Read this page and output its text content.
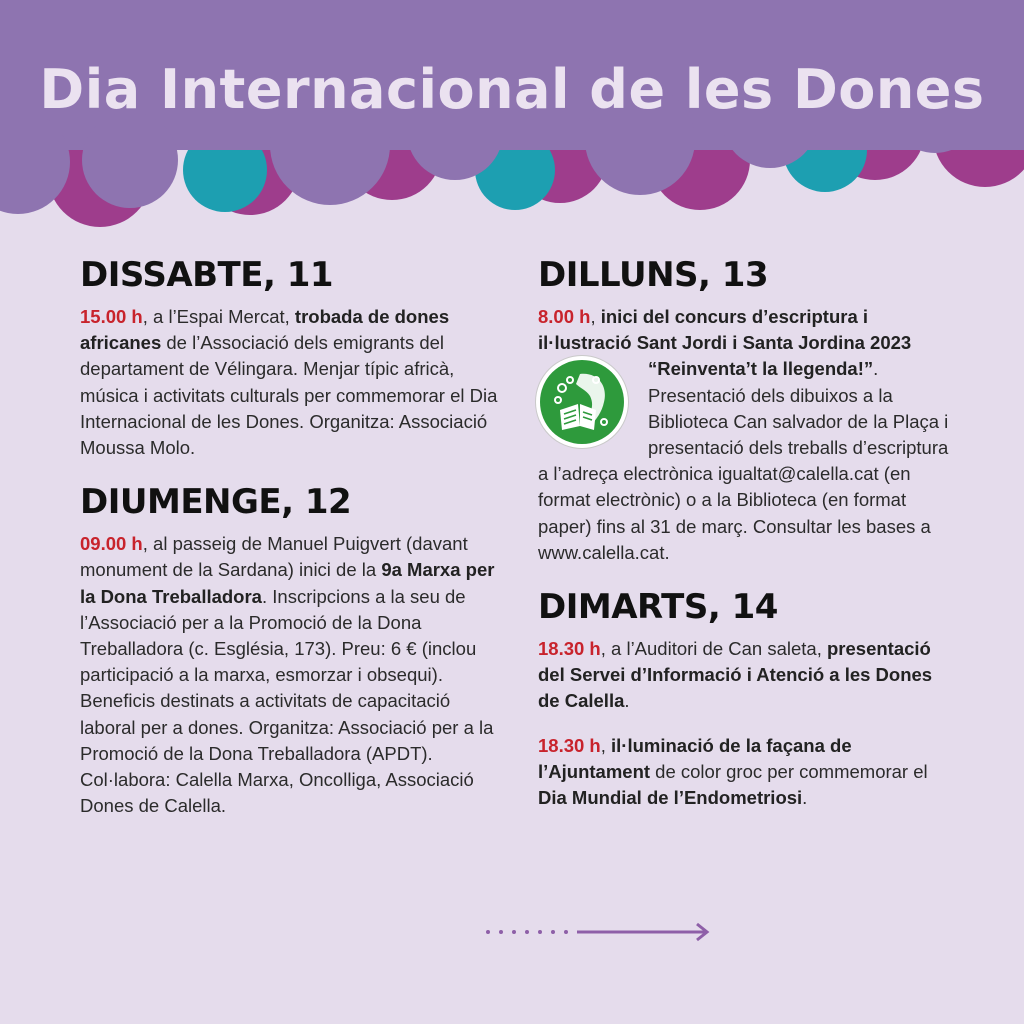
Dia Internacional de les Dones
DISSABTE, 11

15.00 h, a l’Espai Mercat, trobada de dones africanes de l’Associació dels emigrants del departament de Vélingara. Menjar típic africà, música i activitats culturals per commemorar el Dia Internacional de les Dones. Organitza: Associació Moussa Molo.

DIUMENGE, 12

09.00 h, al passeig de Manuel Puigvert (davant monument de la Sardana) inici de la 9a Marxa per la Dona Treballadora. Inscripcions a la seu de l’Associació per a la Promoció de la Dona Treballadora (c. Església, 173). Preu: 6 € (inclou participació a la marxa, esmorzar i obsequi). Beneficis destinats a activitats de capacitació laboral per a dones. Organitza: Associació per a la Promoció de la Dona Treballadora (APDT). Col·labora: Calella Marxa, Oncolliga, Associació Dones de Calella.

DILLUNS, 13

8.00 h, inici del concurs d’escriptura i il·lustració Sant Jordi i Santa Jordina 2023 “Reinventa’t la llegenda!”
. Presentació dels dibuixos a la Biblioteca Can salvador de la Plaça i presentació dels treballs d’escriptura a l’adreça electrònica igualtat@calella.cat (en format electrònic) o a la Biblioteca (en format paper) fins al 31 de març. Consultar les bases a www.calella.cat.

DIMARTS, 14

18.30 h, a l’Auditori de Can saleta, presentació del Servei d’Informació i Atenció a les Dones de Calella.

18.30 h, il·luminació de la façana de l’Ajuntament de color groc per commemorar el Dia Mundial de l’Endometriosi.
